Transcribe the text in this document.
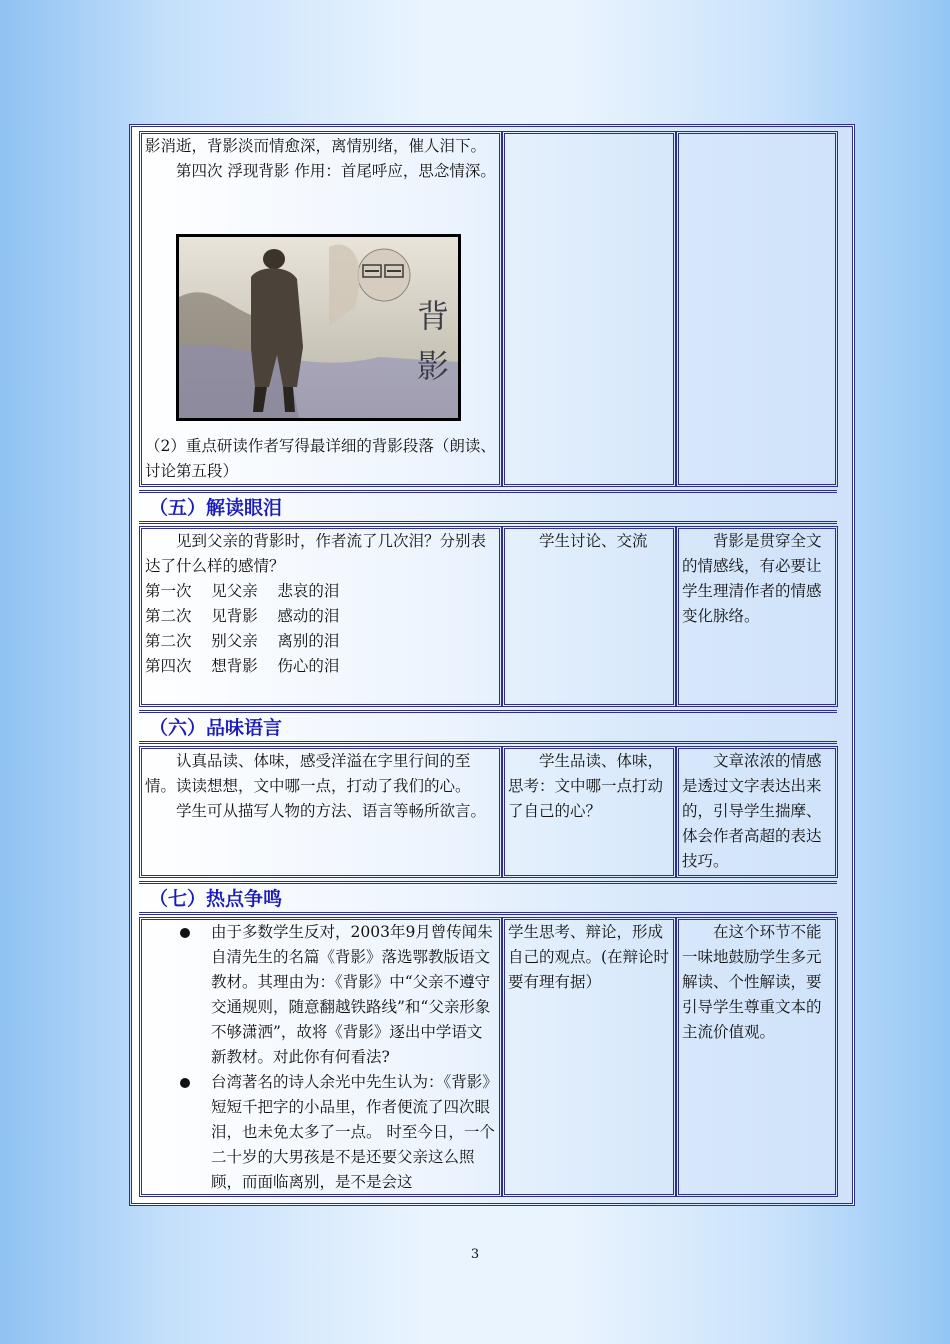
影消逝，背影淡而情愈深，离情别绪，催人泪下。

第四次 浮现背影 作用：首尾呼应，思念情深。

（2）重点研读作者写得最详细的背影段落（朗读、讨论第五段）

背
影
（五）解读眼泪

见到父亲的背影时，作者流了几次泪？分别表达了什么样的感情？

第一次    见父亲    悲哀的泪

第二次    见背影    感动的泪

第二次    别父亲    离别的泪

第四次    想背影    伤心的泪

学生讨论、交流	背影是贯穿全文的情感线，有必要让学生理清作者的情感变化脉络。

（六）品味语言

认真品读、体味，感受洋溢在字里行间的至情。读读想想，文中哪一点，打动了我们的心。

学生可从描写人物的方法、语言等畅所欲言。

学生品读、体味，思考：文中哪一点打动了自己的心？

文章浓浓的情感是透过文字表达出来的，引导学生揣摩、体会作者高超的表达技巧。

（七）热点争鸣
由于多数学生反对，2003年9月曾传闻朱自清先生的名篇《背影》落选鄂教版语文教材。其理由为：《背影》中“父亲不遵守交通规则，随意翻越铁路线”和“父亲形象不够潇洒”，故将《背影》逐出中学语文新教材。对此你有何看法?
台湾著名的诗人余光中先生认为：《背影》短短千把字的小品里，作者便流了四次眼泪，也未免太多了一点。 时至今日，一个二十岁的大男孩是不是还要父亲这么照顾，而面临离别，是不是会这

学生思考、辩论，形成自己的观点。(在辩论时要有理有据）

在这个环节不能一味地鼓励学生多元解读、个性解读，要引导学生尊重文本的主流价值观。

3
